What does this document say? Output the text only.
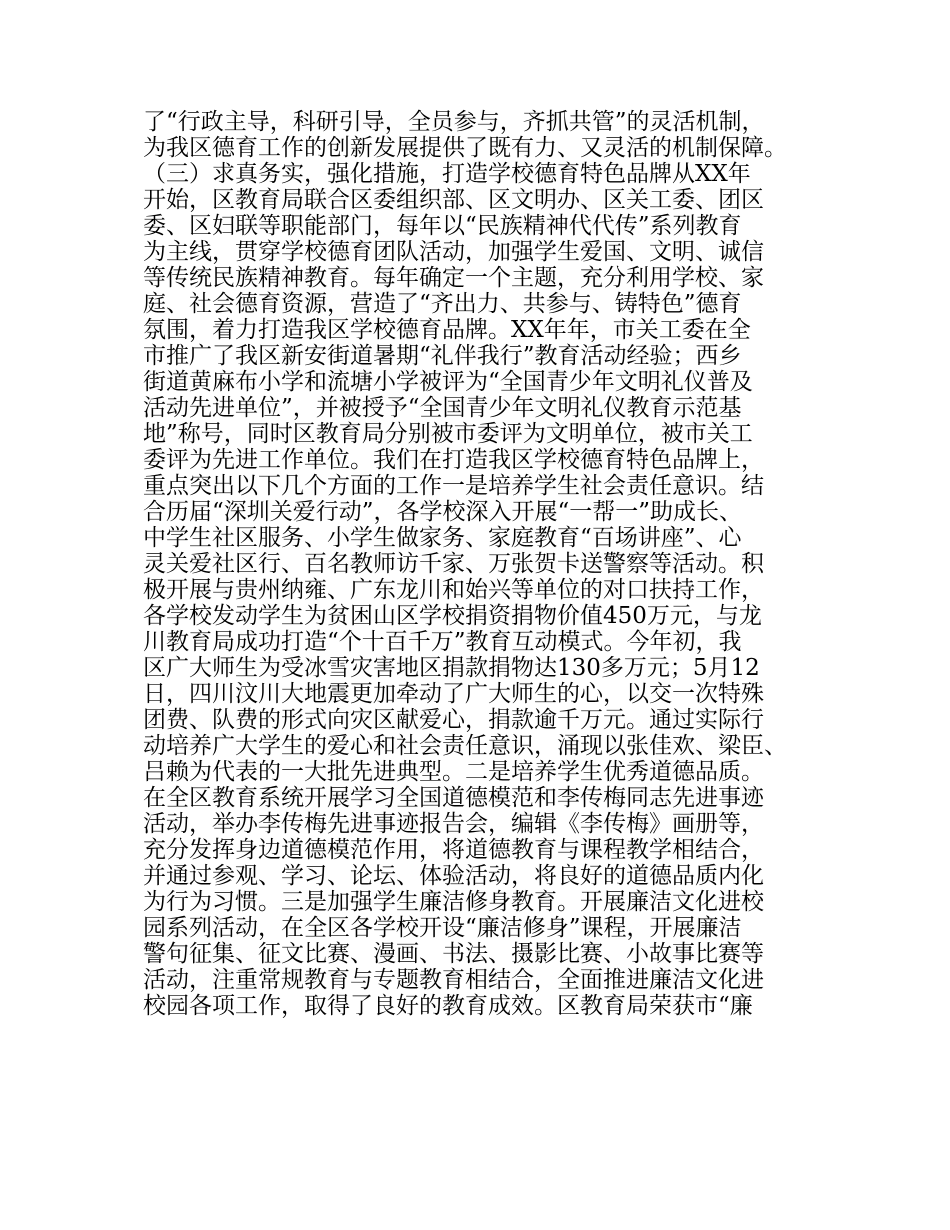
了“行政主导，科研引导，全员参与，齐抓共管”的灵活机制，
为我区德育工作的创新发展提供了既有力、又灵活的机制保障。
（三）求真务实，强化措施，打造学校德育特色品牌从XX年
开始，区教育局联合区委组织部、区文明办、区关工委、团区
委、区妇联等职能部门，每年以“民族精神代代传”系列教育
为主线，贯穿学校德育团队活动，加强学生爱国、文明、诚信
等传统民族精神教育。每年确定一个主题，充分利用学校、家
庭、社会德育资源，营造了“齐出力、共参与、铸特色”德育
氛围，着力打造我区学校德育品牌。XX年年，市关工委在全
市推广了我区新安街道暑期“礼伴我行”教育活动经验；西乡
街道黄麻布小学和流塘小学被评为“全国青少年文明礼仪普及
活动先进单位”，并被授予“全国青少年文明礼仪教育示范基
地”称号，同时区教育局分别被市委评为文明单位，被市关工
委评为先进工作单位。我们在打造我区学校德育特色品牌上，
重点突出以下几个方面的工作一是培养学生社会责任意识。结
合历届“深圳关爱行动”，各学校深入开展“一帮一”助成长、
中学生社区服务、小学生做家务、家庭教育“百场讲座”、心
灵关爱社区行、百名教师访千家、万张贺卡送警察等活动。积
极开展与贵州纳雍、广东龙川和始兴等单位的对口扶持工作，
各学校发动学生为贫困山区学校捐资捐物价值450万元，与龙
川教育局成功打造“个十百千万”教育互动模式。今年初，我
区广大师生为受冰雪灾害地区捐款捐物达130多万元；5月12
日，四川汶川大地震更加牵动了广大师生的心，以交一次特殊
团费、队费的形式向灾区献爱心，捐款逾千万元。通过实际行
动培养广大学生的爱心和社会责任意识，涌现以张佳欢、梁臣、
吕赖为代表的一大批先进典型。二是培养学生优秀道德品质。
在全区教育系统开展学习全国道德模范和李传梅同志先进事迹
活动，举办李传梅先进事迹报告会，编辑《李传梅》画册等，
充分发挥身边道德模范作用，将道德教育与课程教学相结合，
并通过参观、学习、论坛、体验活动，将良好的道德品质内化
为行为习惯。三是加强学生廉洁修身教育。开展廉洁文化进校
园系列活动，在全区各学校开设“廉洁修身”课程，开展廉洁
警句征集、征文比赛、漫画、书法、摄影比赛、小故事比赛等
活动，注重常规教育与专题教育相结合，全面推进廉洁文化进
校园各项工作，取得了良好的教育成效。区教育局荣获市“廉
